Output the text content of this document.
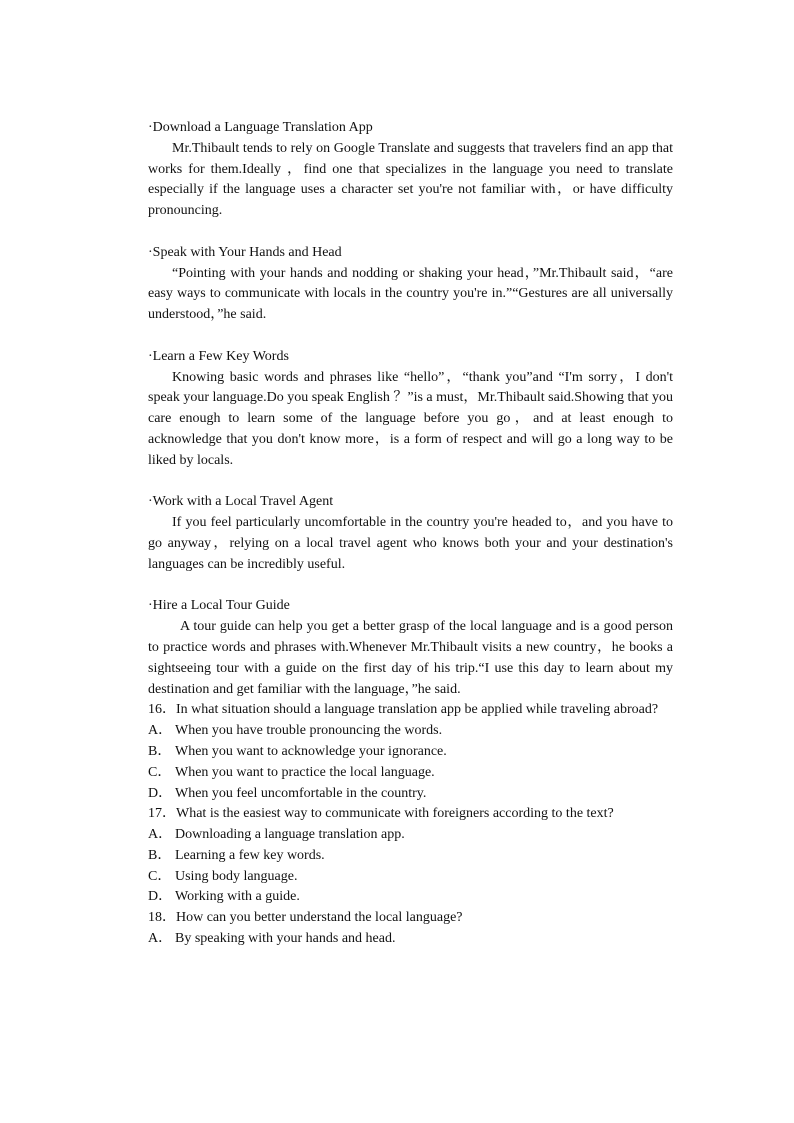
·Download a Language Translation App

Mr.Thibault tends to rely on Google Translate and suggests that travelers find an app that works for them.Ideally ，find one that specializes in the language you need to translate especially if the language uses a character set you're not familiar with，or have difficulty pronouncing.

·Speak with Your Hands and Head

“Pointing with your hands and nodding or shaking your head，”Mr.Thibault said，“are easy ways to communicate with locals in the country you're in.”“Gestures are all universally understood，”he said.

·Learn a Few Key Words

Knowing basic words and phrases like “hello”，“thank you”and “I'm sorry，I don't speak your language.Do you speak English ？”is a must，Mr.Thibault said.Showing that you care enough to learn some of the language before you go，and at least enough to acknowledge that you don't know more，is a form of respect and will go a long way to be liked by locals.

·Work with a Local Travel Agent

If you feel particularly uncomfortable in the country you're headed to，and you have to go anyway，relying on a local travel agent who knows both your and your destination's languages can be incredibly useful.

·Hire a Local Tour Guide

A tour guide can help you get a better grasp of the local language and is a good person to practice words and phrases with.Whenever Mr.Thibault visits a new country，he books a sightseeing tour with a guide on the first day of his trip.“I use this day to learn about my destination and get familiar with the language，”he said.

16．In what situation should a language translation app be applied while traveling abroad?

A． When you have trouble pronouncing the words.

B． When you want to acknowledge your ignorance.

C． When you want to practice the local language.

D． When you feel uncomfortable in the country.

17．What is the easiest way to communicate with foreigners according to the text?

A． Downloading a language translation app.

B． Learning a few key words.

C． Using body language.

D． Working with a guide.

18．How can you better understand the local language?

A． By speaking with your hands and head.
